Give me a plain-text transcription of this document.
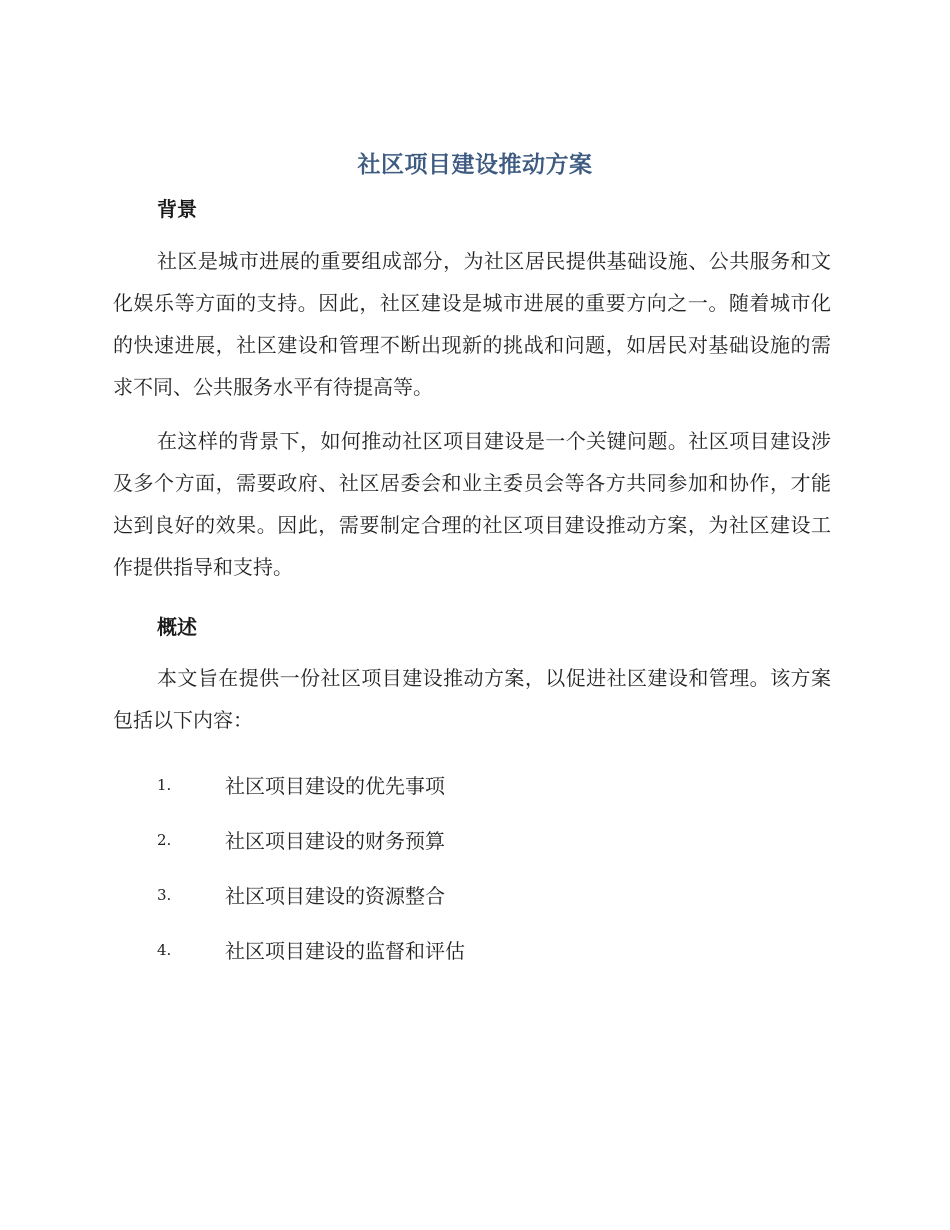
社区项目建设推动方案
背景
社区是城市进展的重要组成部分，为社区居民提供基础设施、公共服务和文化娱乐等方面的支持。因此，社区建设是城市进展的重要方向之一。随着城市化的快速进展，社区建设和管理不断出现新的挑战和问题，如居民对基础设施的需求不同、公共服务水平有待提高等。
在这样的背景下，如何推动社区项目建设是一个关键问题。社区项目建设涉及多个方面，需要政府、社区居委会和业主委员会等各方共同参加和协作，才能达到良好的效果。因此，需要制定合理的社区项目建设推动方案，为社区建设工作提供指导和支持。
概述
本文旨在提供一份社区项目建设推动方案，以促进社区建设和管理。该方案包括以下内容：
1.	社区项目建设的优先事项
2.	社区项目建设的财务预算
3.	社区项目建设的资源整合
4.	社区项目建设的监督和评估
